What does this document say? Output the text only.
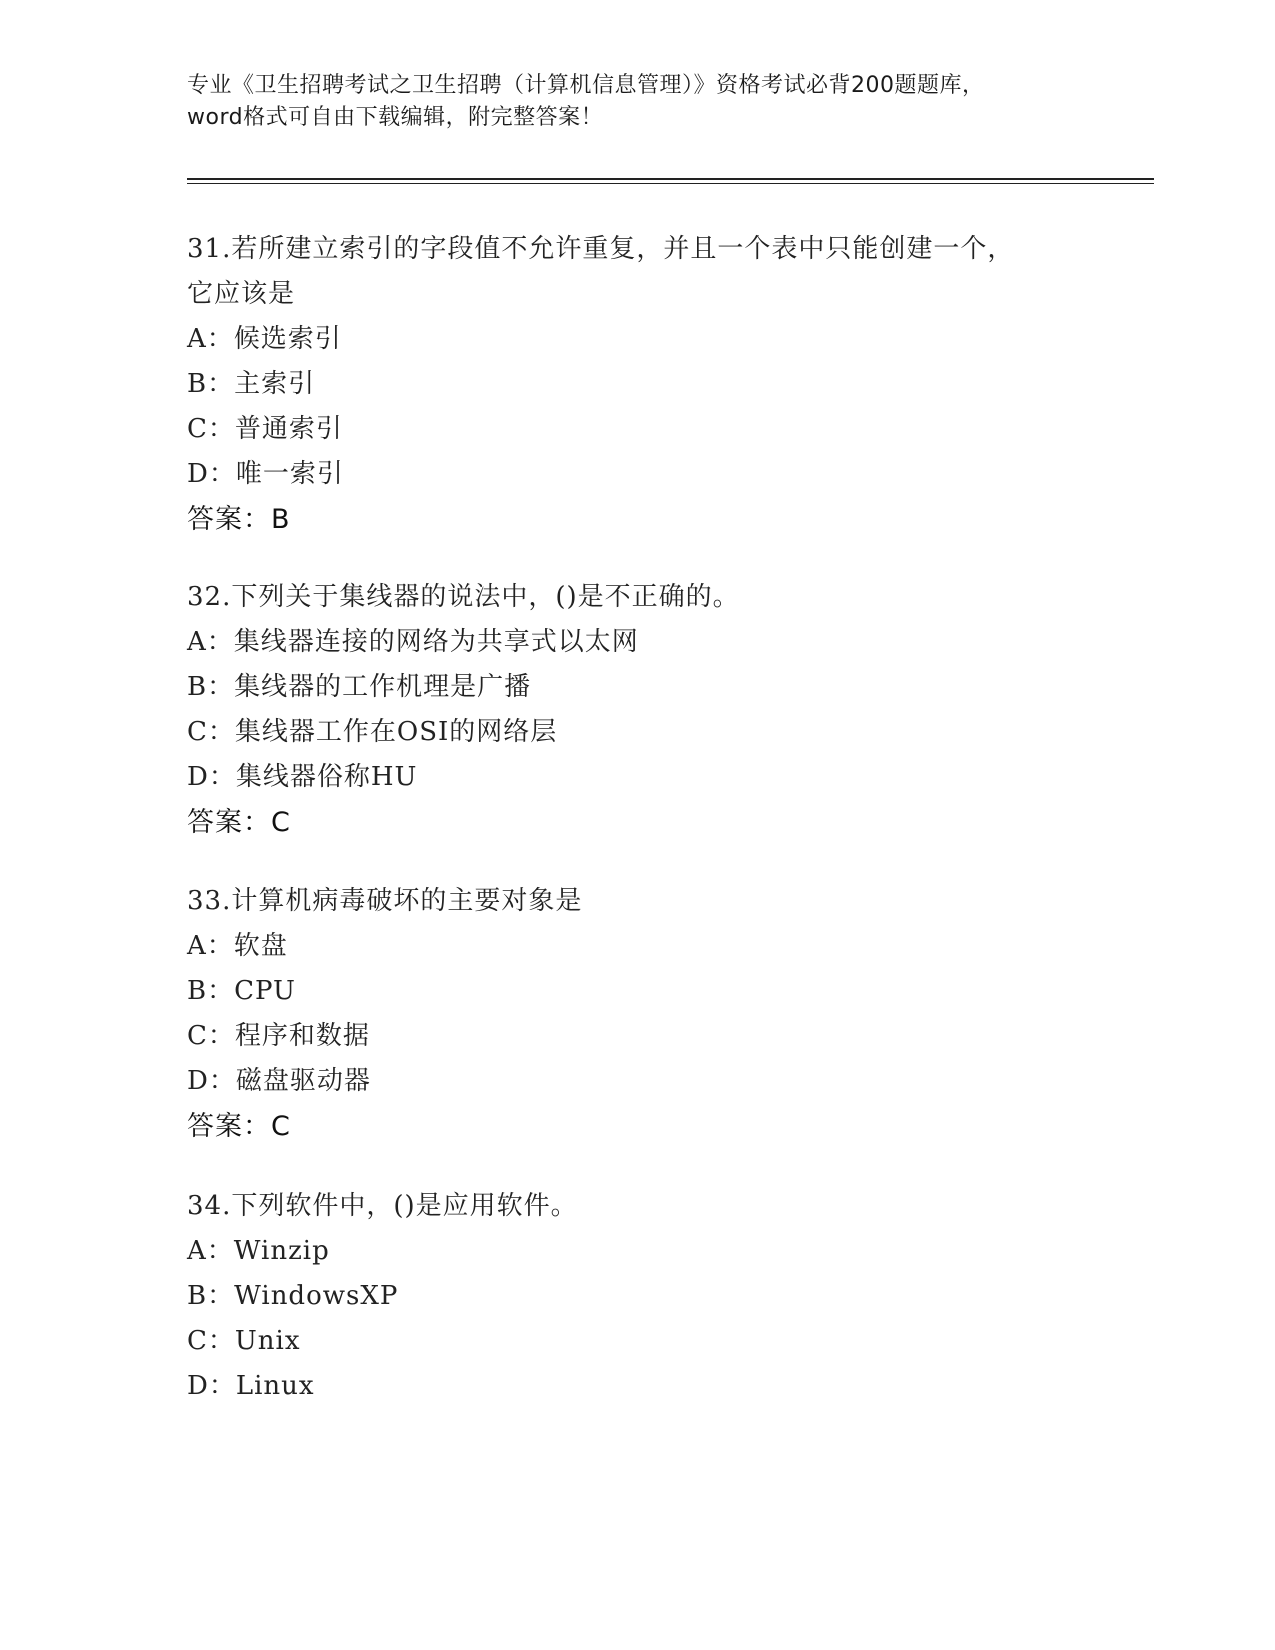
专业《卫生招聘考试之卫生招聘（计算机信息管理）》资格考试必背200题题库，
word格式可自由下载编辑，附完整答案！
31.若所建立索引的字段值不允许重复，并且一个表中只能创建一个，
它应该是
A：候选索引
B：主索引
C：普通索引
D：唯一索引
答案：B
32.下列关于集线器的说法中，()是不正确的。
A：集线器连接的网络为共享式以太网
B：集线器的工作机理是广播
C：集线器工作在OSI的网络层
D：集线器俗称HU
答案：C
33.计算机病毒破坏的主要对象是
A：软盘
B：CPU
C：程序和数据
D：磁盘驱动器
答案：C
34.下列软件中，()是应用软件。
A：Winzip
B：WindowsXP
C：Unix
D：Linux
